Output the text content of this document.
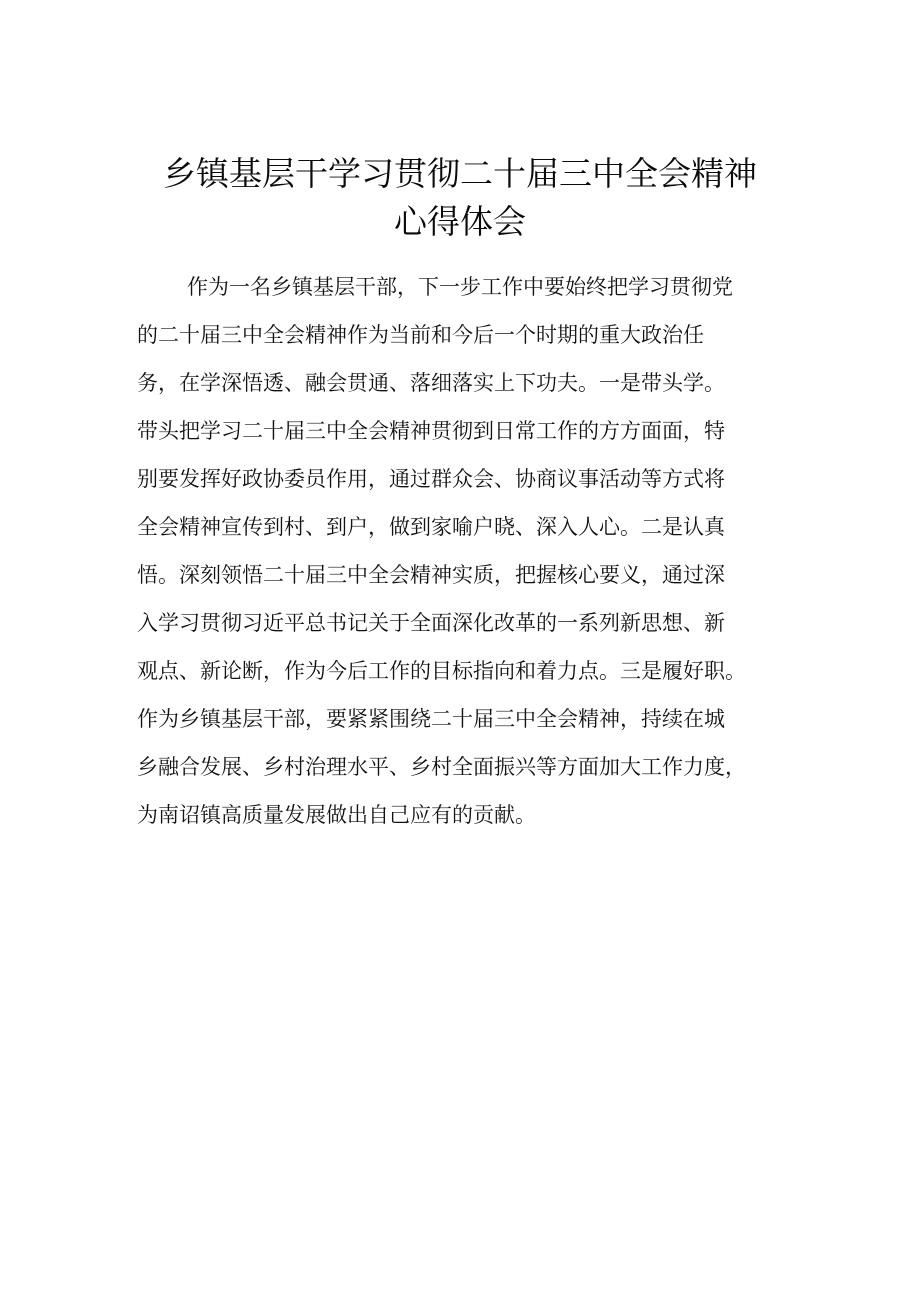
乡镇基层干学习贯彻二十届三中全会精神
心得体会
作为一名乡镇基层干部，下一步工作中要始终把学习贯彻党
的二十届三中全会精神作为当前和今后一个时期的重大政治任
务，在学深悟透、融会贯通、落细落实上下功夫。一是带头学。
带头把学习二十届三中全会精神贯彻到日常工作的方方面面，特
别要发挥好政协委员作用，通过群众会、协商议事活动等方式将
全会精神宣传到村、到户，做到家喻户晓、深入人心。二是认真
悟。深刻领悟二十届三中全会精神实质，把握核心要义，通过深
入学习贯彻习近平总书记关于全面深化改革的一系列新思想、新
观点、新论断，作为今后工作的目标指向和着力点。三是履好职。
作为乡镇基层干部，要紧紧围绕二十届三中全会精神，持续在城
乡融合发展、乡村治理水平、乡村全面振兴等方面加大工作力度，
为南诏镇高质量发展做出自己应有的贡献。
